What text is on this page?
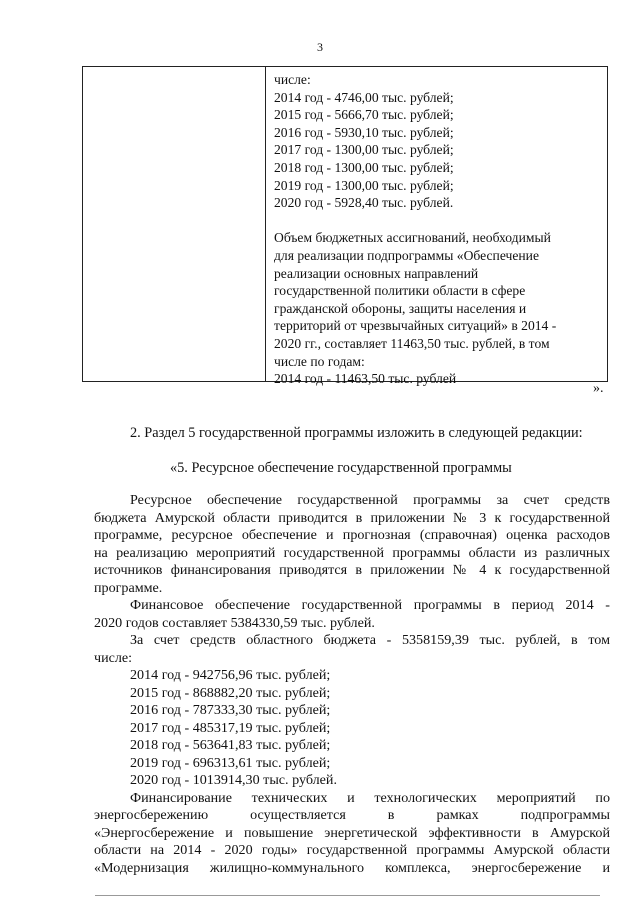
3
числе:
2014 год - 4746,00 тыс. рублей;
2015 год - 5666,70 тыс. рублей;
2016 год - 5930,10 тыс. рублей;
2017 год - 1300,00 тыс. рублей;
2018 год - 1300,00 тыс. рублей;
2019 год - 1300,00 тыс. рублей;
2020 год - 5928,40 тыс. рублей.
Объем бюджетных ассигнований, необходимый
для реализации подпрограммы «Обеспечение
реализации основных направлений
государственной политики области в сфере
гражданской обороны, защиты населения и
территорий от чрезвычайных ситуаций» в 2014 -
2020 гг., составляет 11463,50 тыс. рублей, в том
числе по годам:
2014 год - 11463,50 тыс. рублей
».
2. Раздел 5 государственной программы изложить в следующей редакции:
«5. Ресурсное обеспечение государственной программы
Ресурсное обеспечение государственной программы за счет средств
бюджета Амурской области приводится в приложении № 3 к государственной
программе, ресурсное обеспечение и прогнозная (справочная) оценка расходов
на реализацию мероприятий государственной программы области из различных
источников финансирования приводятся в приложении № 4 к государственной
программе.
Финансовое обеспечение государственной программы в период 2014 -
2020 годов составляет 5384330,59 тыс. рублей.
За счет средств областного бюджета - 5358159,39 тыс. рублей, в том
числе:
2014 год - 942756,96 тыс. рублей;
2015 год - 868882,20 тыс. рублей;
2016 год - 787333,30 тыс. рублей;
2017 год - 485317,19 тыс. рублей;
2018 год - 563641,83 тыс. рублей;
2019 год - 696313,61 тыс. рублей;
2020 год - 1013914,30 тыс. рублей.
Финансирование технических и технологических мероприятий по
энергосбережению осуществляется в рамках подпрограммы
«Энергосбережение и повышение энергетической эффективности в Амурской
области на 2014 - 2020 годы» государственной программы Амурской области
«Модернизация жилищно-коммунального комплекса, энергосбережение и
